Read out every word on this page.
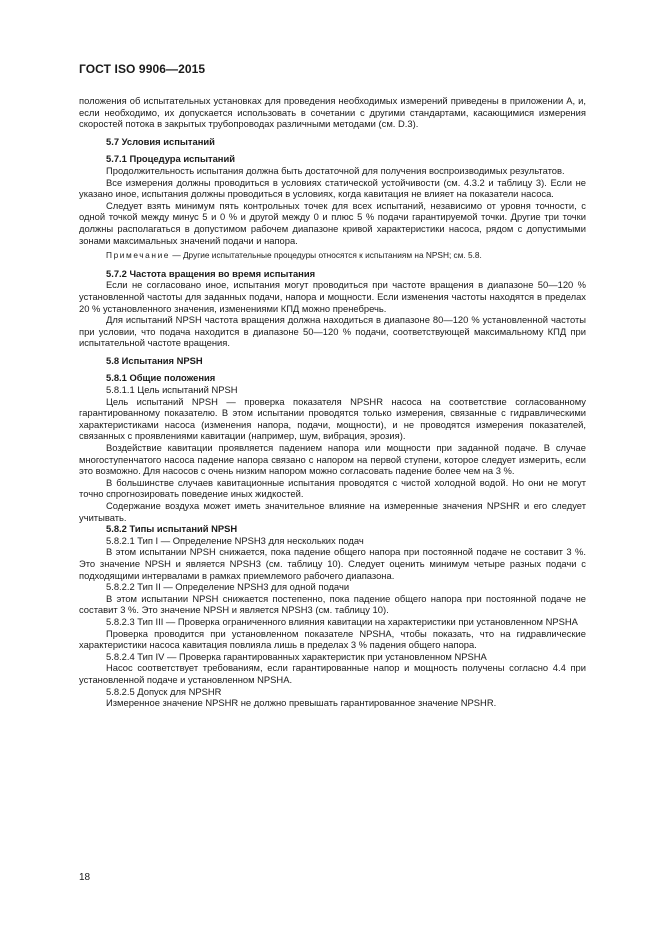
ГОСТ ISO 9906—2015

положения об испытательных установках для проведения необходимых измерений приведены в приложении А, и, если необходимо, их допускается использовать в сочетании с другими стандартами, касающимися измерения скоростей потока в закрытых трубопроводах различными методами (см. D.3).

5.7 Условия испытаний

5.7.1 Процедура испытаний

Продолжительность испытания должна быть достаточной для получения воспроизводимых результатов.

Все измерения должны проводиться в условиях статической устойчивости (см. 4.3.2 и таблицу 3). Если не указано иное, испытания должны проводиться в условиях, когда кавитация не влияет на показатели насоса.

Следует взять минимум пять контрольных точек для всех испытаний, независимо от уровня точности, с одной точкой между минус 5 и 0 % и другой между 0 и плюс 5 % подачи гарантируемой точки. Другие три точки должны располагаться в допустимом рабочем диапазоне кривой характеристики насоса, рядом с допустимыми зонами максимальных значений подачи и напора.

Примечание — Другие испытательные процедуры относятся к испытаниям на NPSH; см. 5.8.

5.7.2 Частота вращения во время испытания

Если не согласовано иное, испытания могут проводиться при частоте вращения в диапазоне 50—120 % установленной частоты для заданных подачи, напора и мощности. Если изменения частоты находятся в пределах 20 % установленного значения, изменениями КПД можно пренебречь.

Для испытаний NPSH частота вращения должна находиться в диапазоне 80—120 % установленной частоты при условии, что подача находится в диапазоне 50—120 % подачи, соответствующей максимальному КПД при испытательной частоте вращения.

5.8 Испытания NPSH

5.8.1 Общие положения

5.8.1.1 Цель испытаний NPSH

Цель испытаний NPSH — проверка показателя NPSHR насоса на соответствие согласованному гарантированному показателю. В этом испытании проводятся только измерения, связанные с гидравлическими характеристиками насоса (изменения напора, подачи, мощности), и не проводятся измерения показателей, связанных с проявлениями кавитации (например, шум, вибрация, эрозия).

Воздействие кавитации проявляется падением напора или мощности при заданной подаче. В случае многоступенчатого насоса падение напора связано с напором на первой ступени, которое следует измерить, если это возможно. Для насосов с очень низким напором можно согласовать падение более чем на 3 %.

В большинстве случаев кавитационные испытания проводятся с чистой холодной водой. Но они не могут точно спрогнозировать поведение иных жидкостей.

Содержание воздуха может иметь значительное влияние на измеренные значения NPSHR и его следует учитывать.

5.8.2 Типы испытаний NPSH

5.8.2.1 Тип I — Определение NPSH3 для нескольких подач

В этом испытании NPSH снижается, пока падение общего напора при постоянной подаче не составит 3 %. Это значение NPSH и является NPSH3 (см. таблицу 10). Следует оценить минимум четыре разных подачи с подходящими интервалами в рамках приемлемого рабочего диапазона.

5.8.2.2 Тип II — Определение NPSH3 для одной подачи

В этом испытании NPSH снижается постепенно, пока падение общего напора при постоянной подаче не составит 3 %. Это значение NPSH и является NPSH3 (см. таблицу 10).

5.8.2.3 Тип III — Проверка ограниченного влияния кавитации на характеристики при установленном NPSHA

Проверка проводится при установленном показателе NPSHA, чтобы показать, что на гидравлические характеристики насоса кавитация повлияла лишь в пределах 3 % падения общего напора.

5.8.2.4 Тип IV — Проверка гарантированных характеристик при установленном NPSHA

Насос соответствует требованиям, если гарантированные напор и мощность получены согласно 4.4 при установленной подаче и установленном NPSHA.

5.8.2.5 Допуск для NPSHR

Измеренное значение NPSHR не должно превышать гарантированное значение NPSHR.

18
